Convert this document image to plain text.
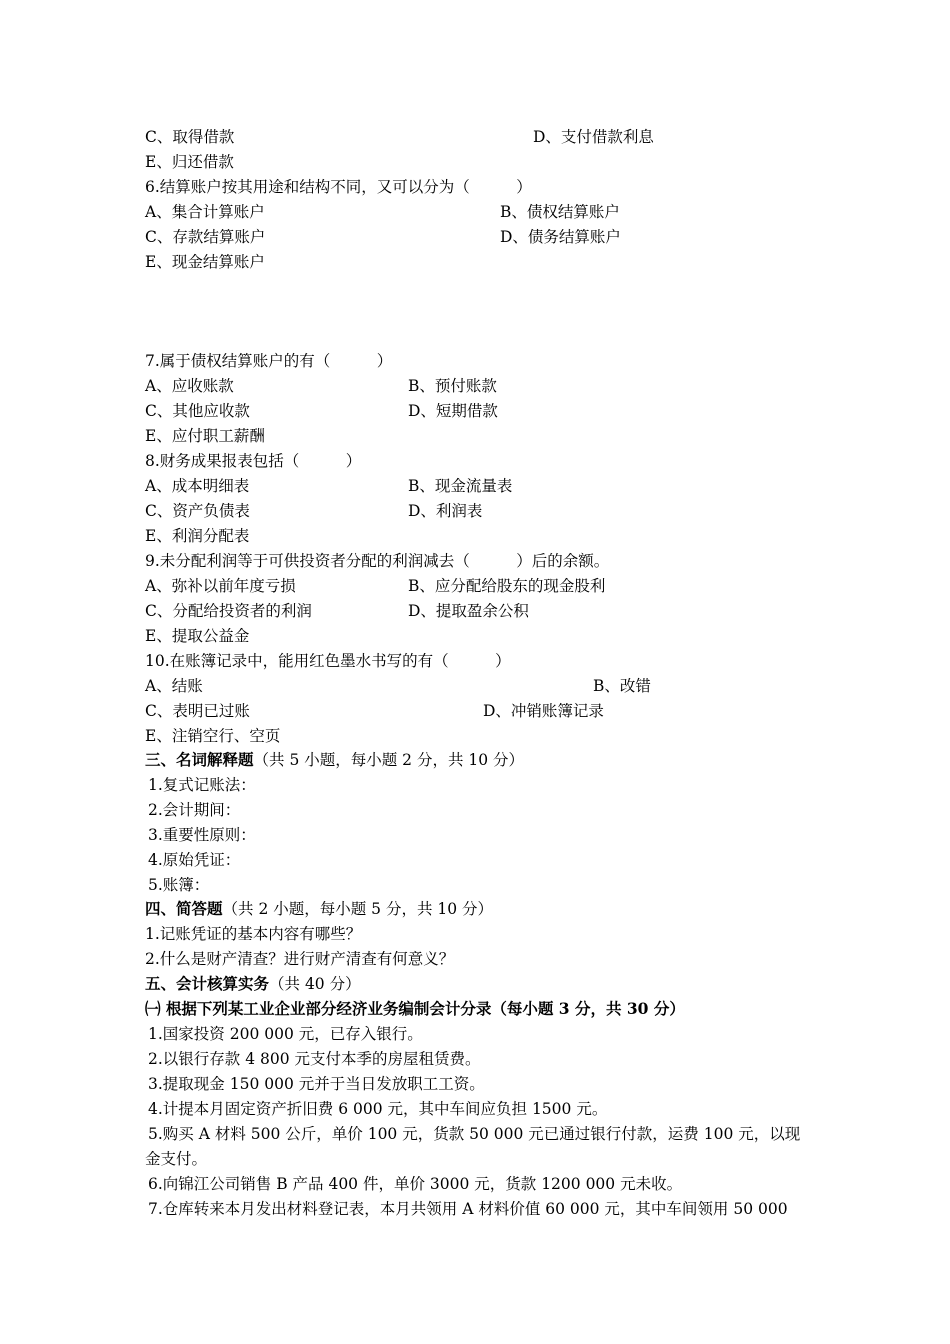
C、取得借款	D、支付借款利息
E、归还借款
6.结算账户按其用途和结构不同，又可以分为（　　　）
A、集合计算账户	B、债权结算账户
C、存款结算账户	D、债务结算账户
E、现金结算账户
7.属于债权结算账户的有（　　　）
A、应收账款	B、预付账款
C、其他应收款	D、短期借款
E、应付职工薪酬
8.财务成果报表包括（　　　）
A、成本明细表	B、现金流量表
C、资产负债表	D、利润表
E、利润分配表
9.未分配利润等于可供投资者分配的利润减去（　　　）后的余额。
A、弥补以前年度亏损	B、应分配给股东的现金股利
C、分配给投资者的利润	D、提取盈余公积
E、提取公益金
10.在账簿记录中，能用红色墨水书写的有（　　　）
A、结账	B、改错
C、表明已过账	D、冲销账簿记录
E、注销空行、空页
三、名词解释题（共 5 小题，每小题 2 分，共 10 分）
1.复式记账法：
2.会计期间：
3.重要性原则：
4.原始凭证：
5.账簿：
四、简答题（共 2 小题，每小题 5 分，共 10 分）
1.记账凭证的基本内容有哪些？
2.什么是财产清查？进行财产清查有何意义？
五、会计核算实务（共 40 分）
㈠ 根据下列某工业企业部分经济业务编制会计分录（每小题 3 分，共 30 分）
1.国家投资 200 000 元，已存入银行。
2.以银行存款 4 800 元支付本季的房屋租赁费。
3.提取现金 150 000 元并于当日发放职工工资。
4.计提本月固定资产折旧费 6 000 元，其中车间应负担 1500 元。
5.购买 A 材料 500 公斤，单价 100 元，货款 50 000 元已通过银行付款，运费 100 元，以现
金支付。
6.向锦江公司销售 B 产品 400 件，单价 3000 元，货款 1200 000 元未收。
7.仓库转来本月发出材料登记表，本月共领用 A 材料价值 60 000 元，其中车间领用 50 000
